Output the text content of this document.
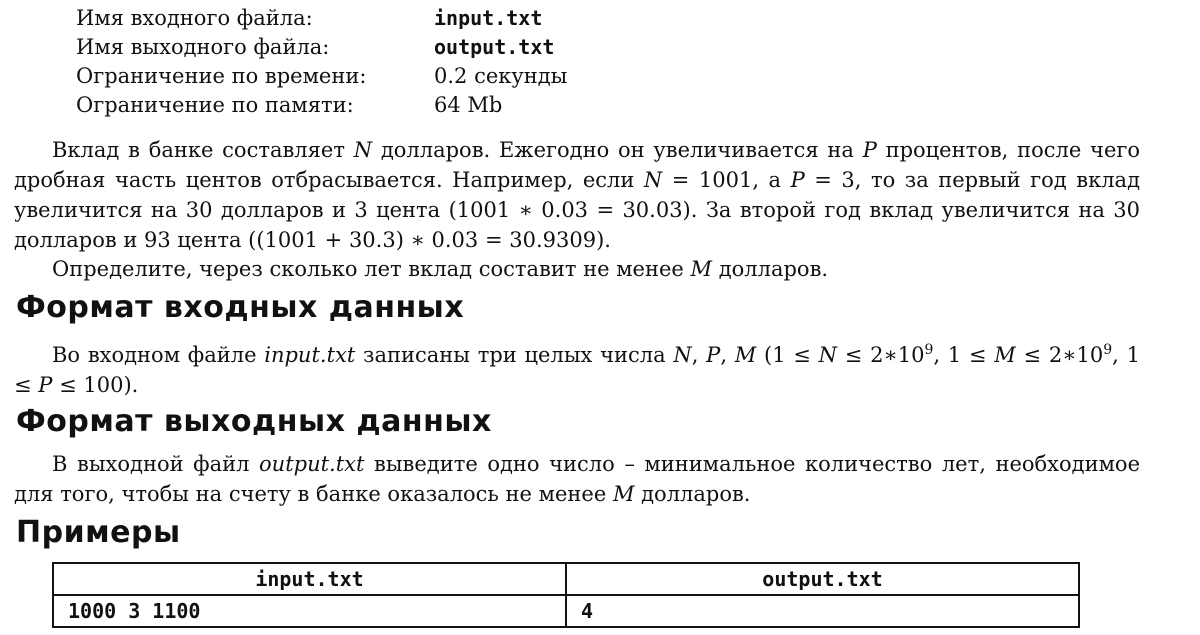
Имя входного файла:	input.txt
Имя выходного файла:	output.txt
Ограничение по времени:	0.2 секунды
Ограничение по памяти:	64 Mb

Вклад в банке составляет N долларов. Ежегодно он увеличивается на P процентов, после чего дробная часть центов отбрасывается. Например, если N = 1001, а P = 3, то за первый год вклад увеличится на 30 долларов и 3 цента (1001 ∗ 0.03 = 30.03). За второй год вклад увеличится на 30 долларов и 93 цента ((1001 + 30.3) ∗ 0.03 = 30.9309).

Определите, через сколько лет вклад составит не менее M долларов.

Формат входных данных

Во входном файле input.txt записаны три целых числа N, P, M ($1 \le N \le 2∗10^9$, $1 \le M \le 2∗10^9$, 1 ≤ P ≤ 100).

Формат выходных данных

В выходной файл output.txt выведите одно число – минимальное количество лет, необходимое для того, чтобы на счету в банке оказалось не менее M долларов.

Примеры
input.txt	output.txt
1000 3 1100	4
